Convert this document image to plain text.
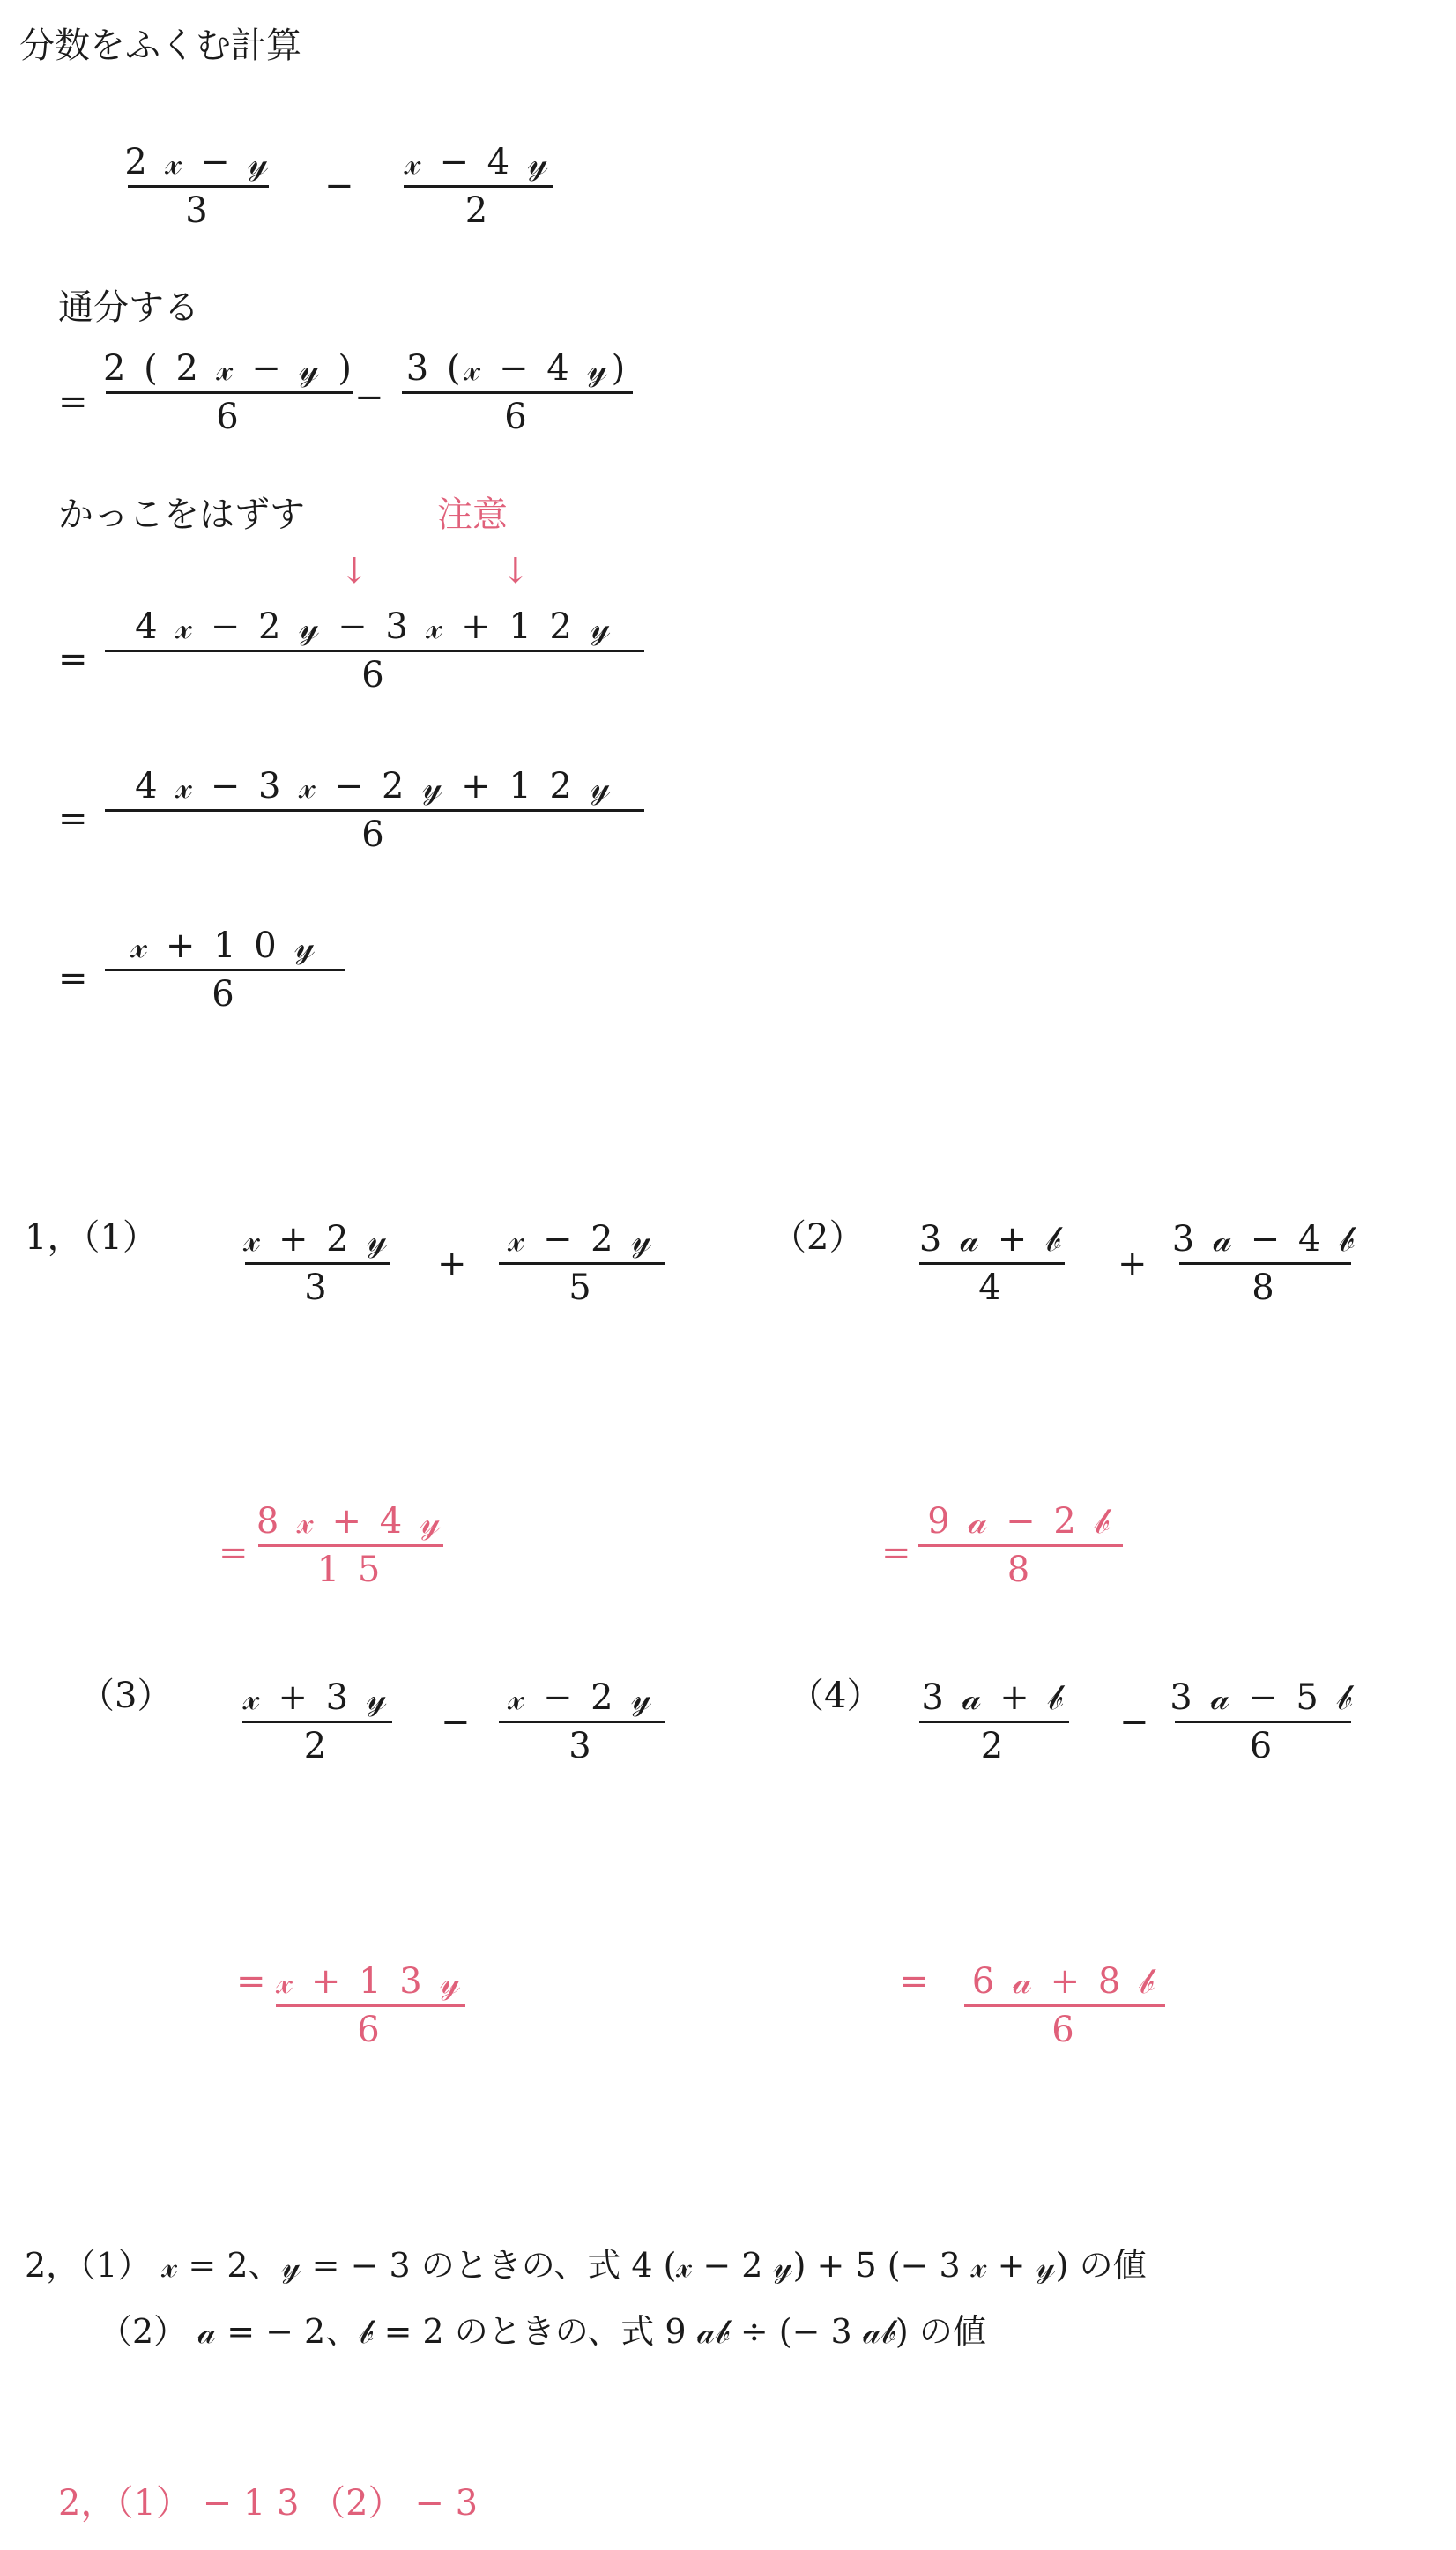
分数をふくむ計算
2 𝓍 − 𝓎
3
−
𝓍 − 4 𝓎
2
通分する
=
2 ( 2 𝓍 − 𝓎 )
6	−
3 (𝓍 − 4 𝓎)
6
かっこをはずす	注意
↓	↓
=
4 𝓍 − 2 𝓎 − 3 𝓍 + 1 2 𝓎
6
=
4 𝓍 − 3 𝓍 − 2 𝓎 + 1 2 𝓎
6
=
𝓍 + 1 0 𝓎
6
1，（1） 𝓍 + 2 𝓎
3
+
𝓍 − 2 𝓎
5
（2） 3 𝒶 + 𝒷
4
+
3 𝒶 − 4 𝒷
8
=
8 𝓍 + 4 𝓎
1 5	=
9 𝒶 − 2 𝒷
8
（3） 𝓍 + 3 𝓎
2
−
𝓍 − 2 𝓎
3
（4） 3 𝒶 + 𝒷
2
−
3 𝒶 − 5 𝒷
6
= 𝓍 + 1 3 𝓎
6
= 6 𝒶 + 8 𝒷
6
2，（1） 𝓍 = 2、𝓎 = − 3 のときの、式 4 (𝓍 − 2 𝓎) + 5 (− 3 𝓍 + 𝓎) の値
（2） 𝒶 = − 2、𝒷 = 2 のときの、式 9 𝒶𝒷 ÷ (− 3 𝒶𝒷) の値
2，（1） − 1 3 （2） − 3
